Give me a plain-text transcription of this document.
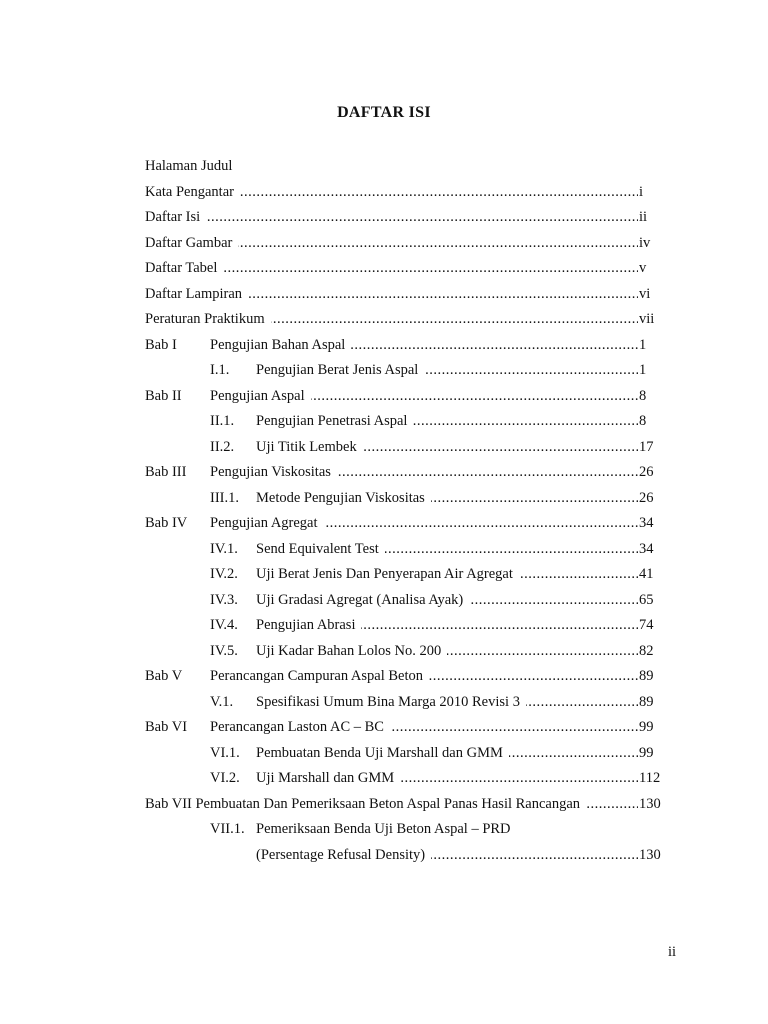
DAFTAR ISI
Halaman Judul
Kata Pengantar .....	i
Daftar Isi .....	ii
Daftar Gambar .....	iv
Daftar Tabel .....	v
Daftar Lampiran .....	vi
Peraturan Praktikum .....	vii
Bab I Pengujian Bahan Aspal .....	1
I.1. Pengujian Berat Jenis Aspal .....	1
Bab II Pengujian Aspal .....	8
II.1. Pengujian Penetrasi Aspal .....	8
II.2. Uji Titik Lembek .....	17
Bab III Pengujian Viskositas .....	26
III.1. Metode Pengujian Viskositas .....	26
Bab IV Pengujian Agregat .....	34
IV.1. Send Equivalent Test .....	34
IV.2. Uji Berat Jenis Dan Penyerapan Air Agregat .....	41
IV.3. Uji Gradasi Agregat (Analisa Ayak) .....	65
IV.4. Pengujian Abrasi .....	74
IV.5. Uji Kadar Bahan Lolos No. 200 .....	82
Bab V Perancangan Campuran Aspal Beton .....	89
V.1. Spesifikasi Umum Bina Marga 2010 Revisi 3 .....	89
Bab VI Perancangan Laston AC – BC .....	99
VI.1. Pembuatan Benda Uji Marshall dan GMM .....	99
VI.2. Uji Marshall dan GMM .....	112
Bab VII Pembuatan Dan Pemeriksaan Beton Aspal Panas Hasil Rancangan .....	130
VII.1. Pemeriksaan Benda Uji Beton Aspal – PRD
(Persentage Refusal Density) .....	130
ii
